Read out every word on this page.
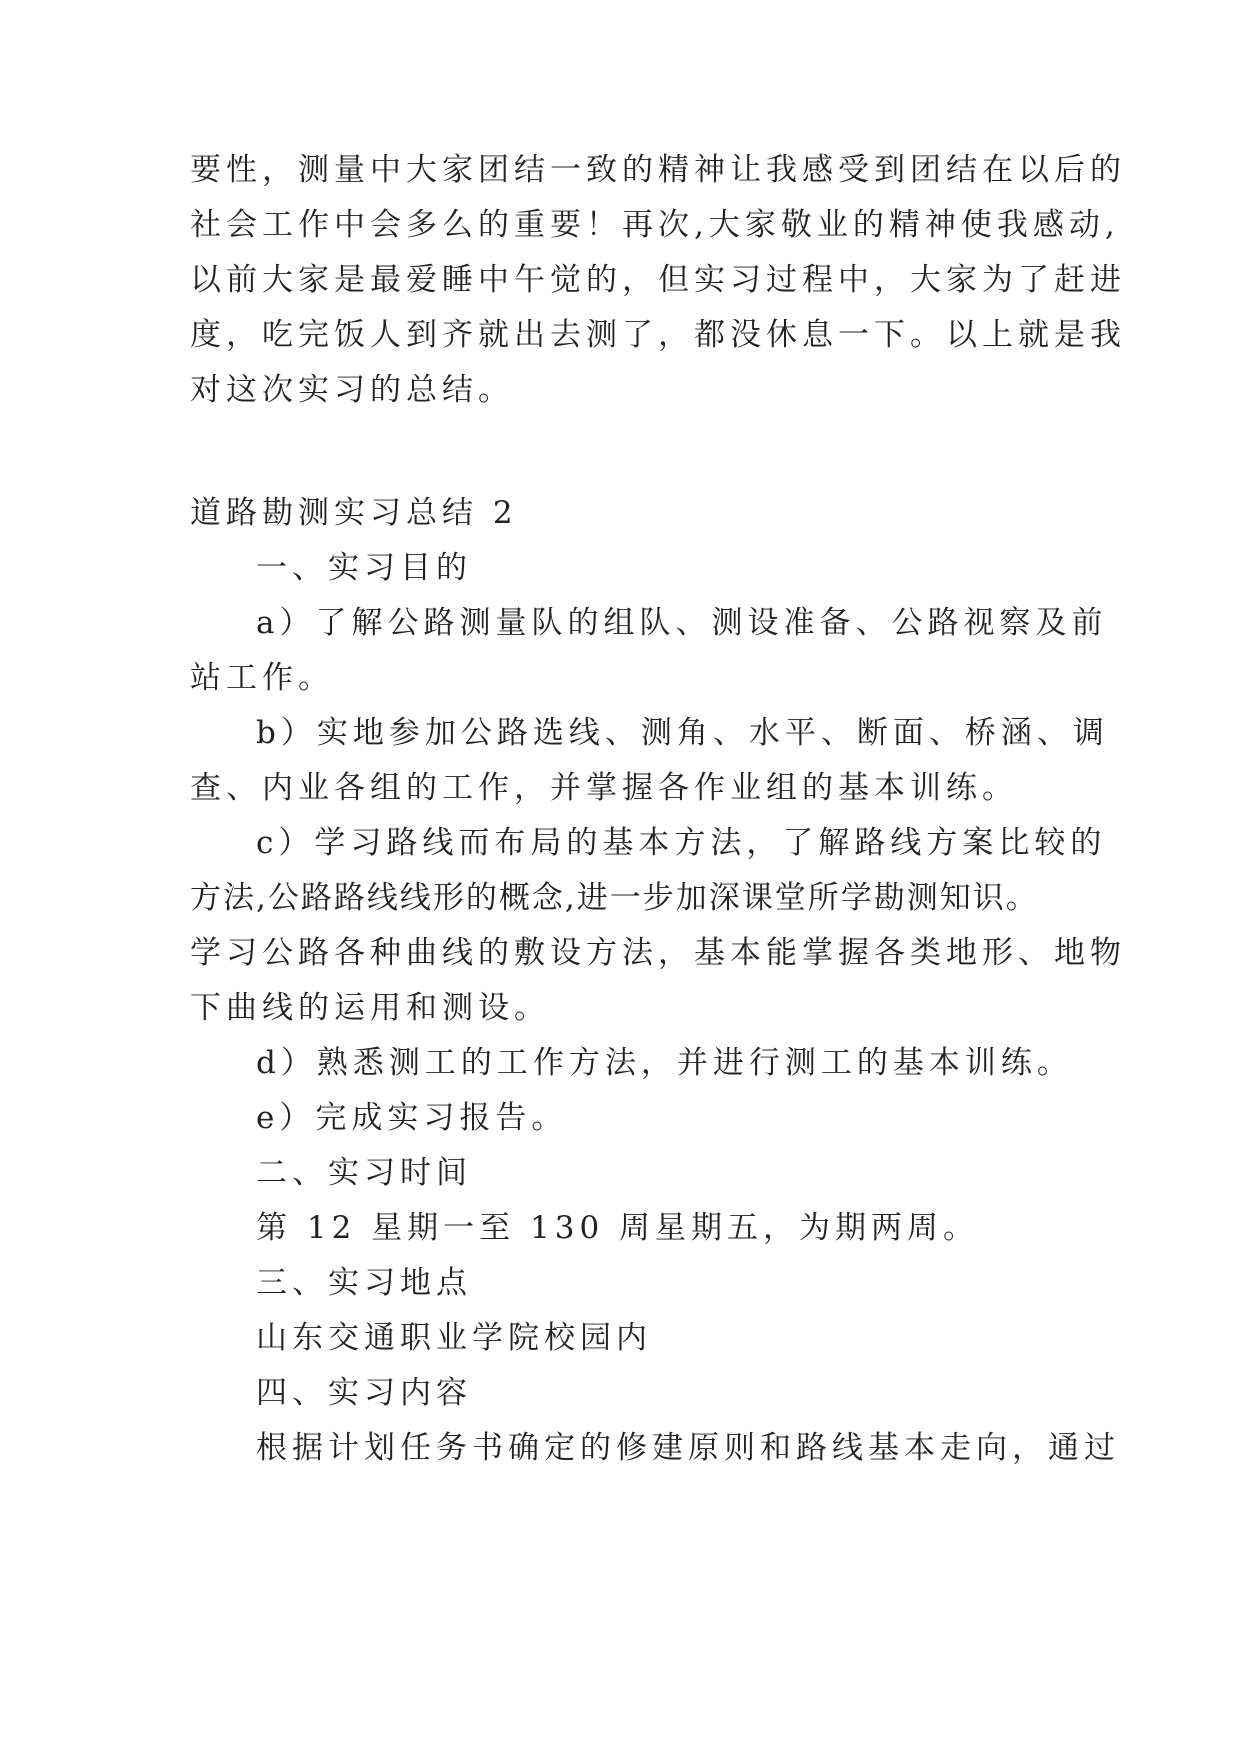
要性，测量中大家团结一致的精神让我感受到团结在以后的
社会工作中会多么的重要！再次,大家敬业的精神使我感动,
以前大家是最爱睡中午觉的，但实习过程中，大家为了赶进
度，吃完饭人到齐就出去测了，都没休息一下。以上就是我
对这次实习的总结。
道路勘测实习总结 2
一、实习目的
a）了解公路测量队的组队、测设准备、公路视察及前
站工作。
b）实地参加公路选线、测角、水平、断面、桥涵、调
查、内业各组的工作，并掌握各作业组的基本训练。
c）学习路线而布局的基本方法，了解路线方案比较的
方法,公路路线线形的概念,进一步加深课堂所学勘测知识。
学习公路各种曲线的敷设方法，基本能掌握各类地形、地物
下曲线的运用和测设。
d）熟悉测工的工作方法，并进行测工的基本训练。
e）完成实习报告。
二、实习时间
第 12 星期一至 130 周星期五，为期两周。
三、实习地点
山东交通职业学院校园内
四、实习内容
根据计划任务书确定的修建原则和路线基本走向，通过
